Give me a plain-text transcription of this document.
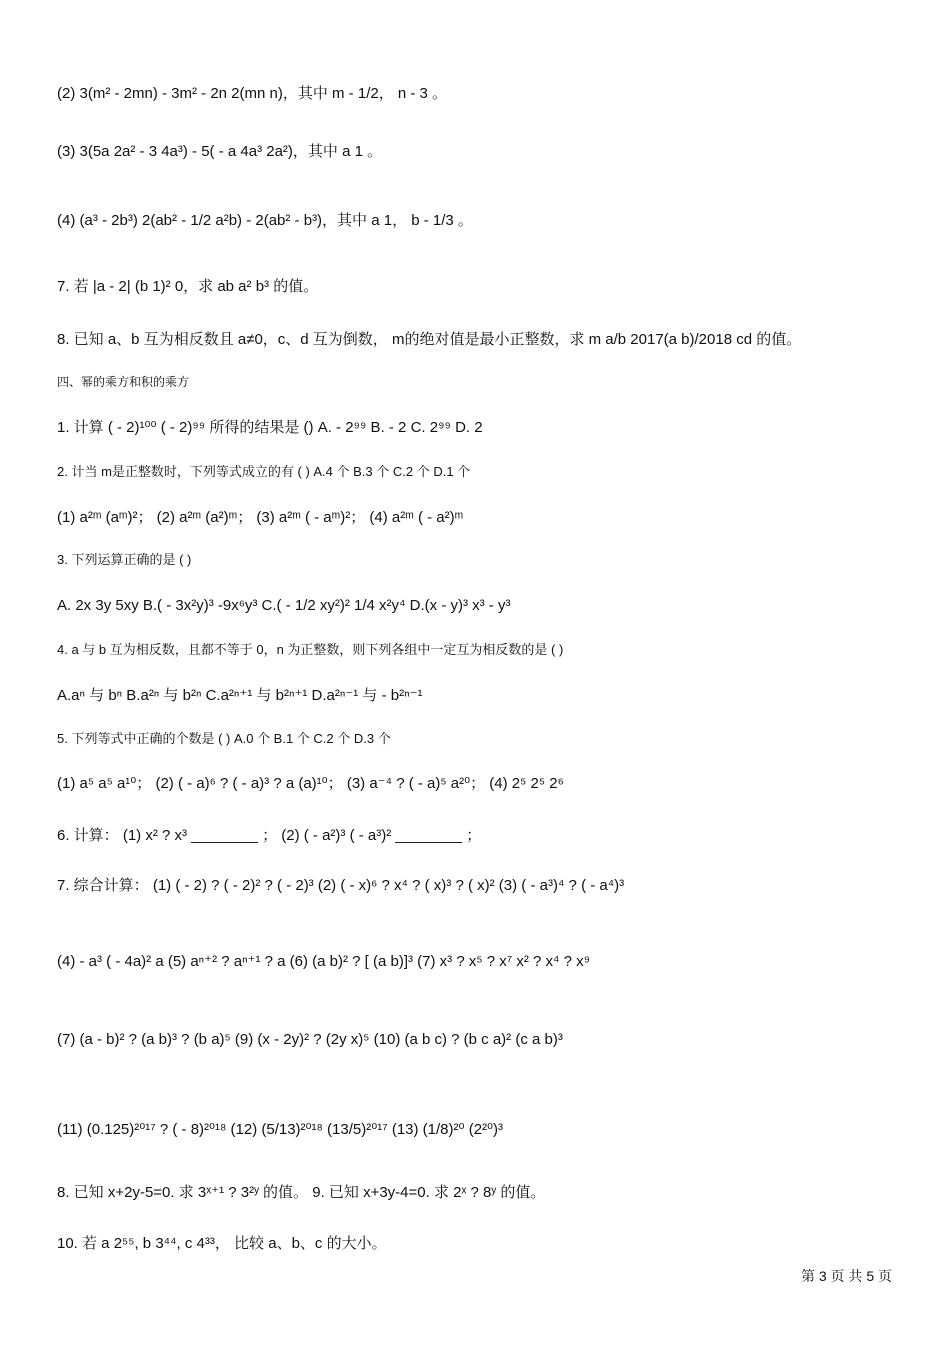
(2) 3(m² - 2mn) - 3m² - 2n 2(mn n)，其中 m - 1/2， n - 3 。
(3) 3(5a 2a² - 3 4a³) - 5( - a 4a³ 2a²)，其中 a 1 。
(4) (a³ - 2b³) 2(ab² - 1/2 a²b) - 2(ab² - b³)，其中 a 1， b - 1/3 。
7. 若 |a - 2| (b 1)² 0，求 ab a² b³ 的值。
8. 已知 a、b 互为相反数且 a≠0，c、d 互为倒数， m的绝对值是最小正整数，求 m a/b 2017(a b)/2018 cd 的值。
四、幂的乘方和积的乘方
1. 计算 ( - 2)¹⁰⁰ ( - 2)⁹⁹ 所得的结果是 () A. - 2⁹⁹ B. - 2 C. 2⁹⁹ D. 2
2. 计当 m是正整数时，下列等式成立的有 ( ) A.4 个 B.3 个 C.2 个 D.1 个
(1) a²ᵐ (aᵐ)²； (2) a²ᵐ (a²)ᵐ； (3) a²ᵐ ( - aᵐ)²； (4) a²ᵐ ( - a²)ᵐ
3. 下列运算正确的是 ( )
A. 2x 3y 5xy B.( - 3x²y)³ -9x⁶y³ C.( - 1/2 xy²)² 1/4 x²y⁴ D.(x - y)³ x³ - y³
4. a 与 b 互为相反数，且都不等于 0，n 为正整数，则下列各组中一定互为相反数的是 ( )
A.aⁿ 与 bⁿ B.a²ⁿ 与 b²ⁿ C.a²ⁿ⁺¹ 与 b²ⁿ⁺¹ D.a²ⁿ⁻¹ 与 - b²ⁿ⁻¹
5. 下列等式中正确的个数是 ( ) A.0 个 B.1 个 C.2 个 D.3 个
(1) a⁵ a⁵ a¹⁰； (2) ( - a)⁶ ? ( - a)³ ? a (a)¹⁰； (3) a⁻⁴ ? ( - a)⁵ a²⁰； (4) 2⁵ 2⁵ 2⁶
6. 计算： (1) x² ? x³ ________ ； (2) ( - a²)³ ( - a³)² ________ ；
7. 综合计算： (1) ( - 2) ? ( - 2)² ? ( - 2)³ (2) ( - x)⁶ ? x⁴ ? ( x)³ ? ( x)² (3) ( - a³)⁴ ? ( - a⁴)³
(4) - a³ ( - 4a)² a (5) aⁿ⁺² ? aⁿ⁺¹ ? a (6) (a b)² ? [ (a b)]³ (7) x³ ? x⁵ ? x⁷ x² ? x⁴ ? x⁹
(7) (a - b)² ? (a b)³ ? (b a)⁵ (9) (x - 2y)² ? (2y x)⁵ (10) (a b c) ? (b c a)² (c a b)³
(11) (0.125)²⁰¹⁷ ? ( - 8)²⁰¹⁸ (12) (5/13)²⁰¹⁸ (13/5)²⁰¹⁷ (13) (1/8)²⁰ (2²⁰)³
8. 已知 x+2y-5=0. 求 3ˣ⁺¹ ? 3²ʸ 的值。 9. 已知 x+3y-4=0. 求 2ˣ ? 8ʸ 的值。
10. 若 a 2⁵⁵, b 3⁴⁴, c 4³³， 比较 a、b、c 的大小。
第 3 页 共 5 页
